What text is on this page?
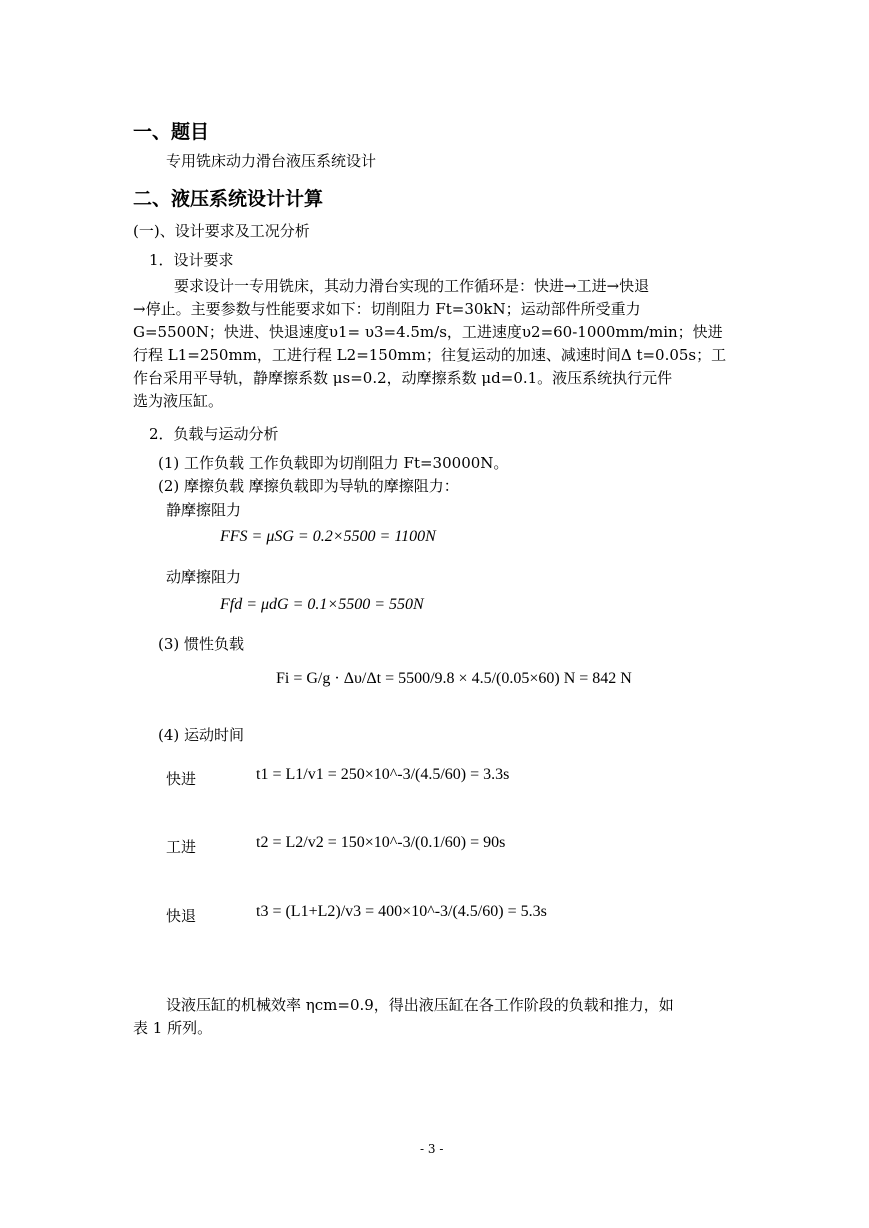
一、题目
专用铣床动力滑台液压系统设计
二、液压系统设计计算
(一)、设计要求及工况分析
1．设计要求
要求设计一专用铣床，其动力滑台实现的工作循环是：快进→工进→快退
→停止。主要参数与性能要求如下：切削阻力 Ft=30kN；运动部件所受重力
G=5500N；快进、快退速度υ1= υ3=4.5m/s，工进速度υ2=60-1000mm/min；快进
行程 L1=250mm，工进行程 L2=150mm；往复运动的加速、减速时间Δ t=0.05s；工
作台采用平导轨，静摩擦系数 μs=0.2，动摩擦系数 μd=0.1。液压系统执行元件
选为液压缸。
2．负载与运动分析
(1) 工作负载 工作负载即为切削阻力 Ft=30000N。
(2) 摩擦负载 摩擦负载即为导轨的摩擦阻力：
静摩擦阻力
FFS = μSG = 0.2×5500 = 1100N
动摩擦阻力
Ffd = μdG = 0.1×5500 = 550N
(3) 惯性负载
Fi = G/g · Δυ/Δt = 5500/9.8 × 4.5/(0.05×60) N = 842 N
(4) 运动时间
快进	t1 = L1/v1 = 250×10^-3/(4.5/60) = 3.3s
工进	t2 = L2/v2 = 150×10^-3/(0.1/60) = 90s
快退	t3 = (L1+L2)/v3 = 400×10^-3/(4.5/60) = 5.3s
设液压缸的机械效率 ηcm=0.9，得出液压缸在各工作阶段的负载和推力，如
表 1 所列。
- 3 -
